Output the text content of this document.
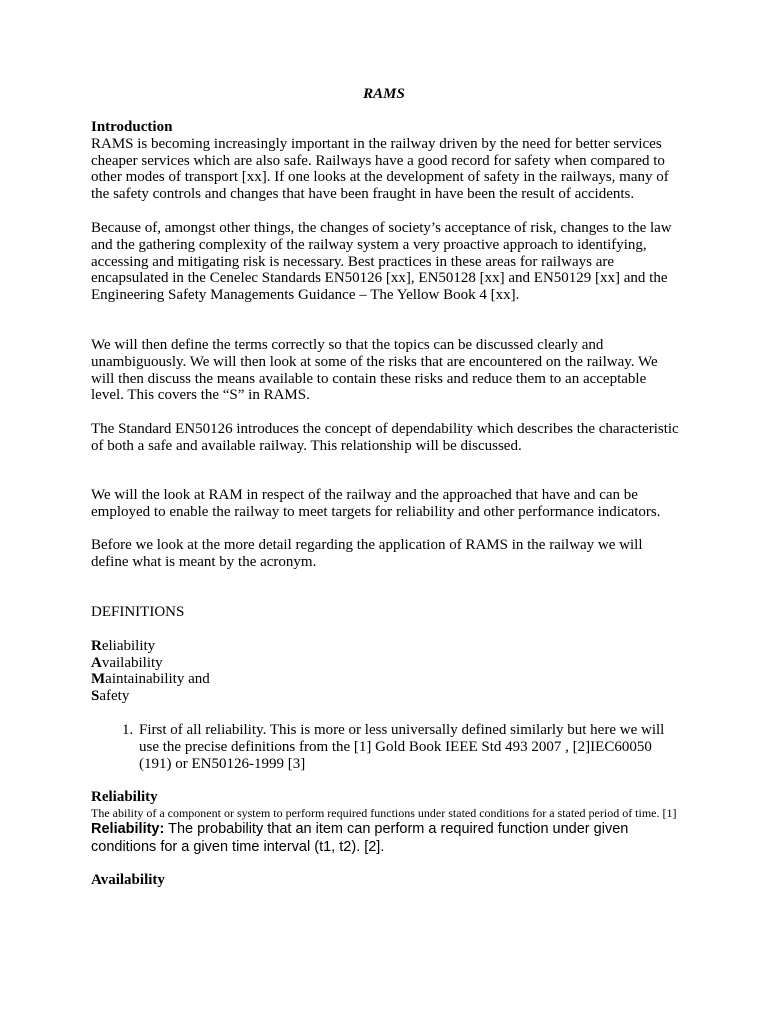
RAMS

Introduction

RAMS is becoming increasingly important in the railway driven by the need for better services cheaper services which are also safe. Railways have a good record for safety when compared to other modes of transport [xx]. If one looks at the development of safety in the railways, many of the safety controls and changes that have been fraught in have been the result of accidents.

Because of, amongst other things, the changes of society’s acceptance of risk, changes to the law and the gathering complexity of the railway system a very proactive approach to identifying, accessing and mitigating risk is necessary. Best practices in these areas for railways are encapsulated in the Cenelec Standards EN50126 [xx], EN50128 [xx] and EN50129 [xx] and the Engineering Safety Managements Guidance – The Yellow Book 4 [xx].

We will then define the terms correctly so that the topics can be discussed clearly and unambiguously. We will then look at some of the risks that are encountered on the railway. We will then discuss the means available to contain these risks and reduce them to an acceptable level. This covers the “S” in RAMS.

The Standard EN50126 introduces the concept of dependability which describes the characteristic of both a safe and available railway. This relationship will be discussed.

We will the look at RAM in respect of the railway and the approached that have and can be employed to enable the railway to meet targets for reliability and other performance indicators.

Before we look at the more detail regarding the application of RAMS in the railway we will define what is meant by the acronym.

DEFINITIONS

Reliability

Availability

Maintainability and

Safety

1. First of all reliability. This is more or less universally defined similarly but here we will use the precise definitions from the [1] Gold Book IEEE Std 493 2007 , [2]IEC60050 (191) or EN50126-1999 [3]

Reliability

The ability of a component or system to perform required functions under stated conditions for a stated period of time. [1]

Reliability: The probability that an item can perform a required function under given conditions for a given time interval (t1, t2). [2].

Availability
